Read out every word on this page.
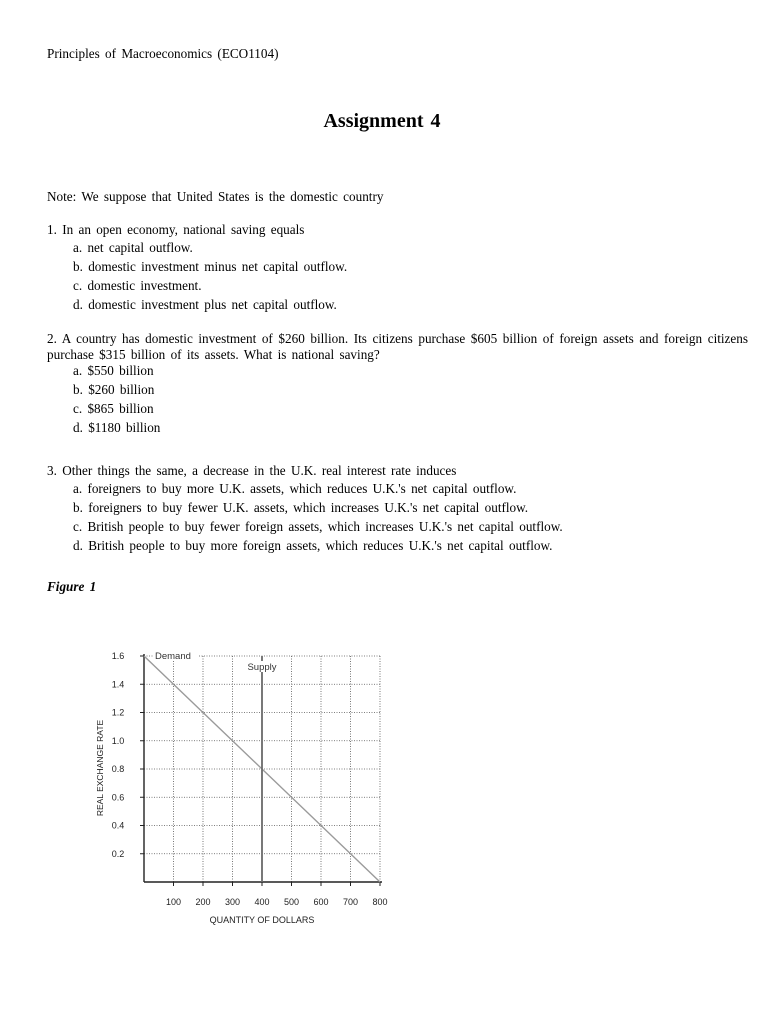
Principles of Macroeconomics (ECO1104)
Assignment 4
Note: We suppose that United States is the domestic country
1. In an open economy, national saving equals
a. net capital outflow.
b. domestic investment minus net capital outflow.
c. domestic investment.
d. domestic investment plus net capital outflow.
2. A country has domestic investment of $260 billion. Its citizens purchase $605 billion of foreign assets and foreign citizens
purchase $315 billion of its assets. What is national saving?
a. $550 billion
b. $260 billion
c. $865 billion
d. $1180 billion
3. Other things the same, a decrease in the U.K. real interest rate induces
a. foreigners to buy more U.K. assets, which reduces U.K.'s net capital outflow.
b. foreigners to buy fewer U.K. assets, which increases U.K.'s net capital outflow.
c. British people to buy fewer foreign assets, which increases U.K.'s net capital outflow.
d. British people to buy more foreign assets, which reduces U.K.'s net capital outflow.
Figure 1
1.6
1.4
1.2
1.0
0.8
0.6
0.4
0.2
100 200 300 400 500 600 700 800
QUANTITY OF DOLLARS
REAL EXCHANGE RATE
Demand
Supply
